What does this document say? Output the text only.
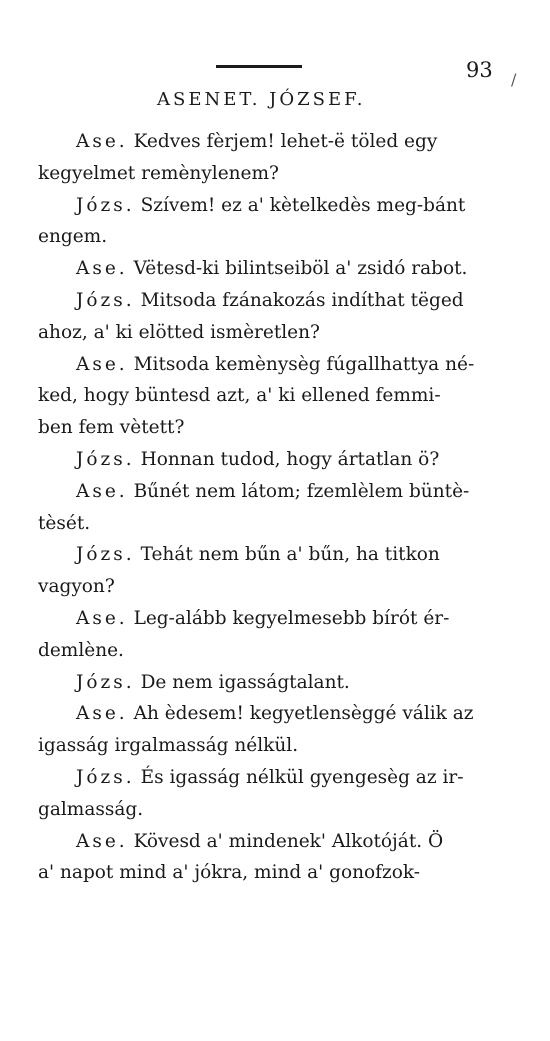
93 /
ASENET. JÓZSEF.
Ase. Kedves fèrjem! lehet-ë töled egy
kegyelmet remènylenem?
Józs. Szívem! ez a' kètelkedès meg-bánt
engem.
Ase. Vëtesd-ki bilintseiböl a' zsidó rabot.
Józs. Mitsoda fzánakozás indíthat tëged
ahoz, a' ki elötted ismèretlen?
Ase. Mitsoda kemènysèg fúgallhattya né-
ked, hogy büntesd azt, a' ki ellened femmi-
ben fem vètett?
Józs. Honnan tudod, hogy ártatlan ö?
Ase. Bűnét nem látom; fzemlèlem büntè-
tèsét.
Józs. Tehát nem bűn a' bűn, ha titkon
vagyon?
Ase. Leg-alább kegyelmesebb bírót ér-
demlène.
Józs. De nem igasságtalant.
Ase. Ah èdesem! kegyetlensèggé válik az
igasság irgalmasság nélkül.
Józs. És igasság nélkül gyengesèg az ir-
galmasság.
Ase. Kövesd a' mindenek' Alkotóját. Ö
a' napot mind a' jókra, mind a' gonofzok-
